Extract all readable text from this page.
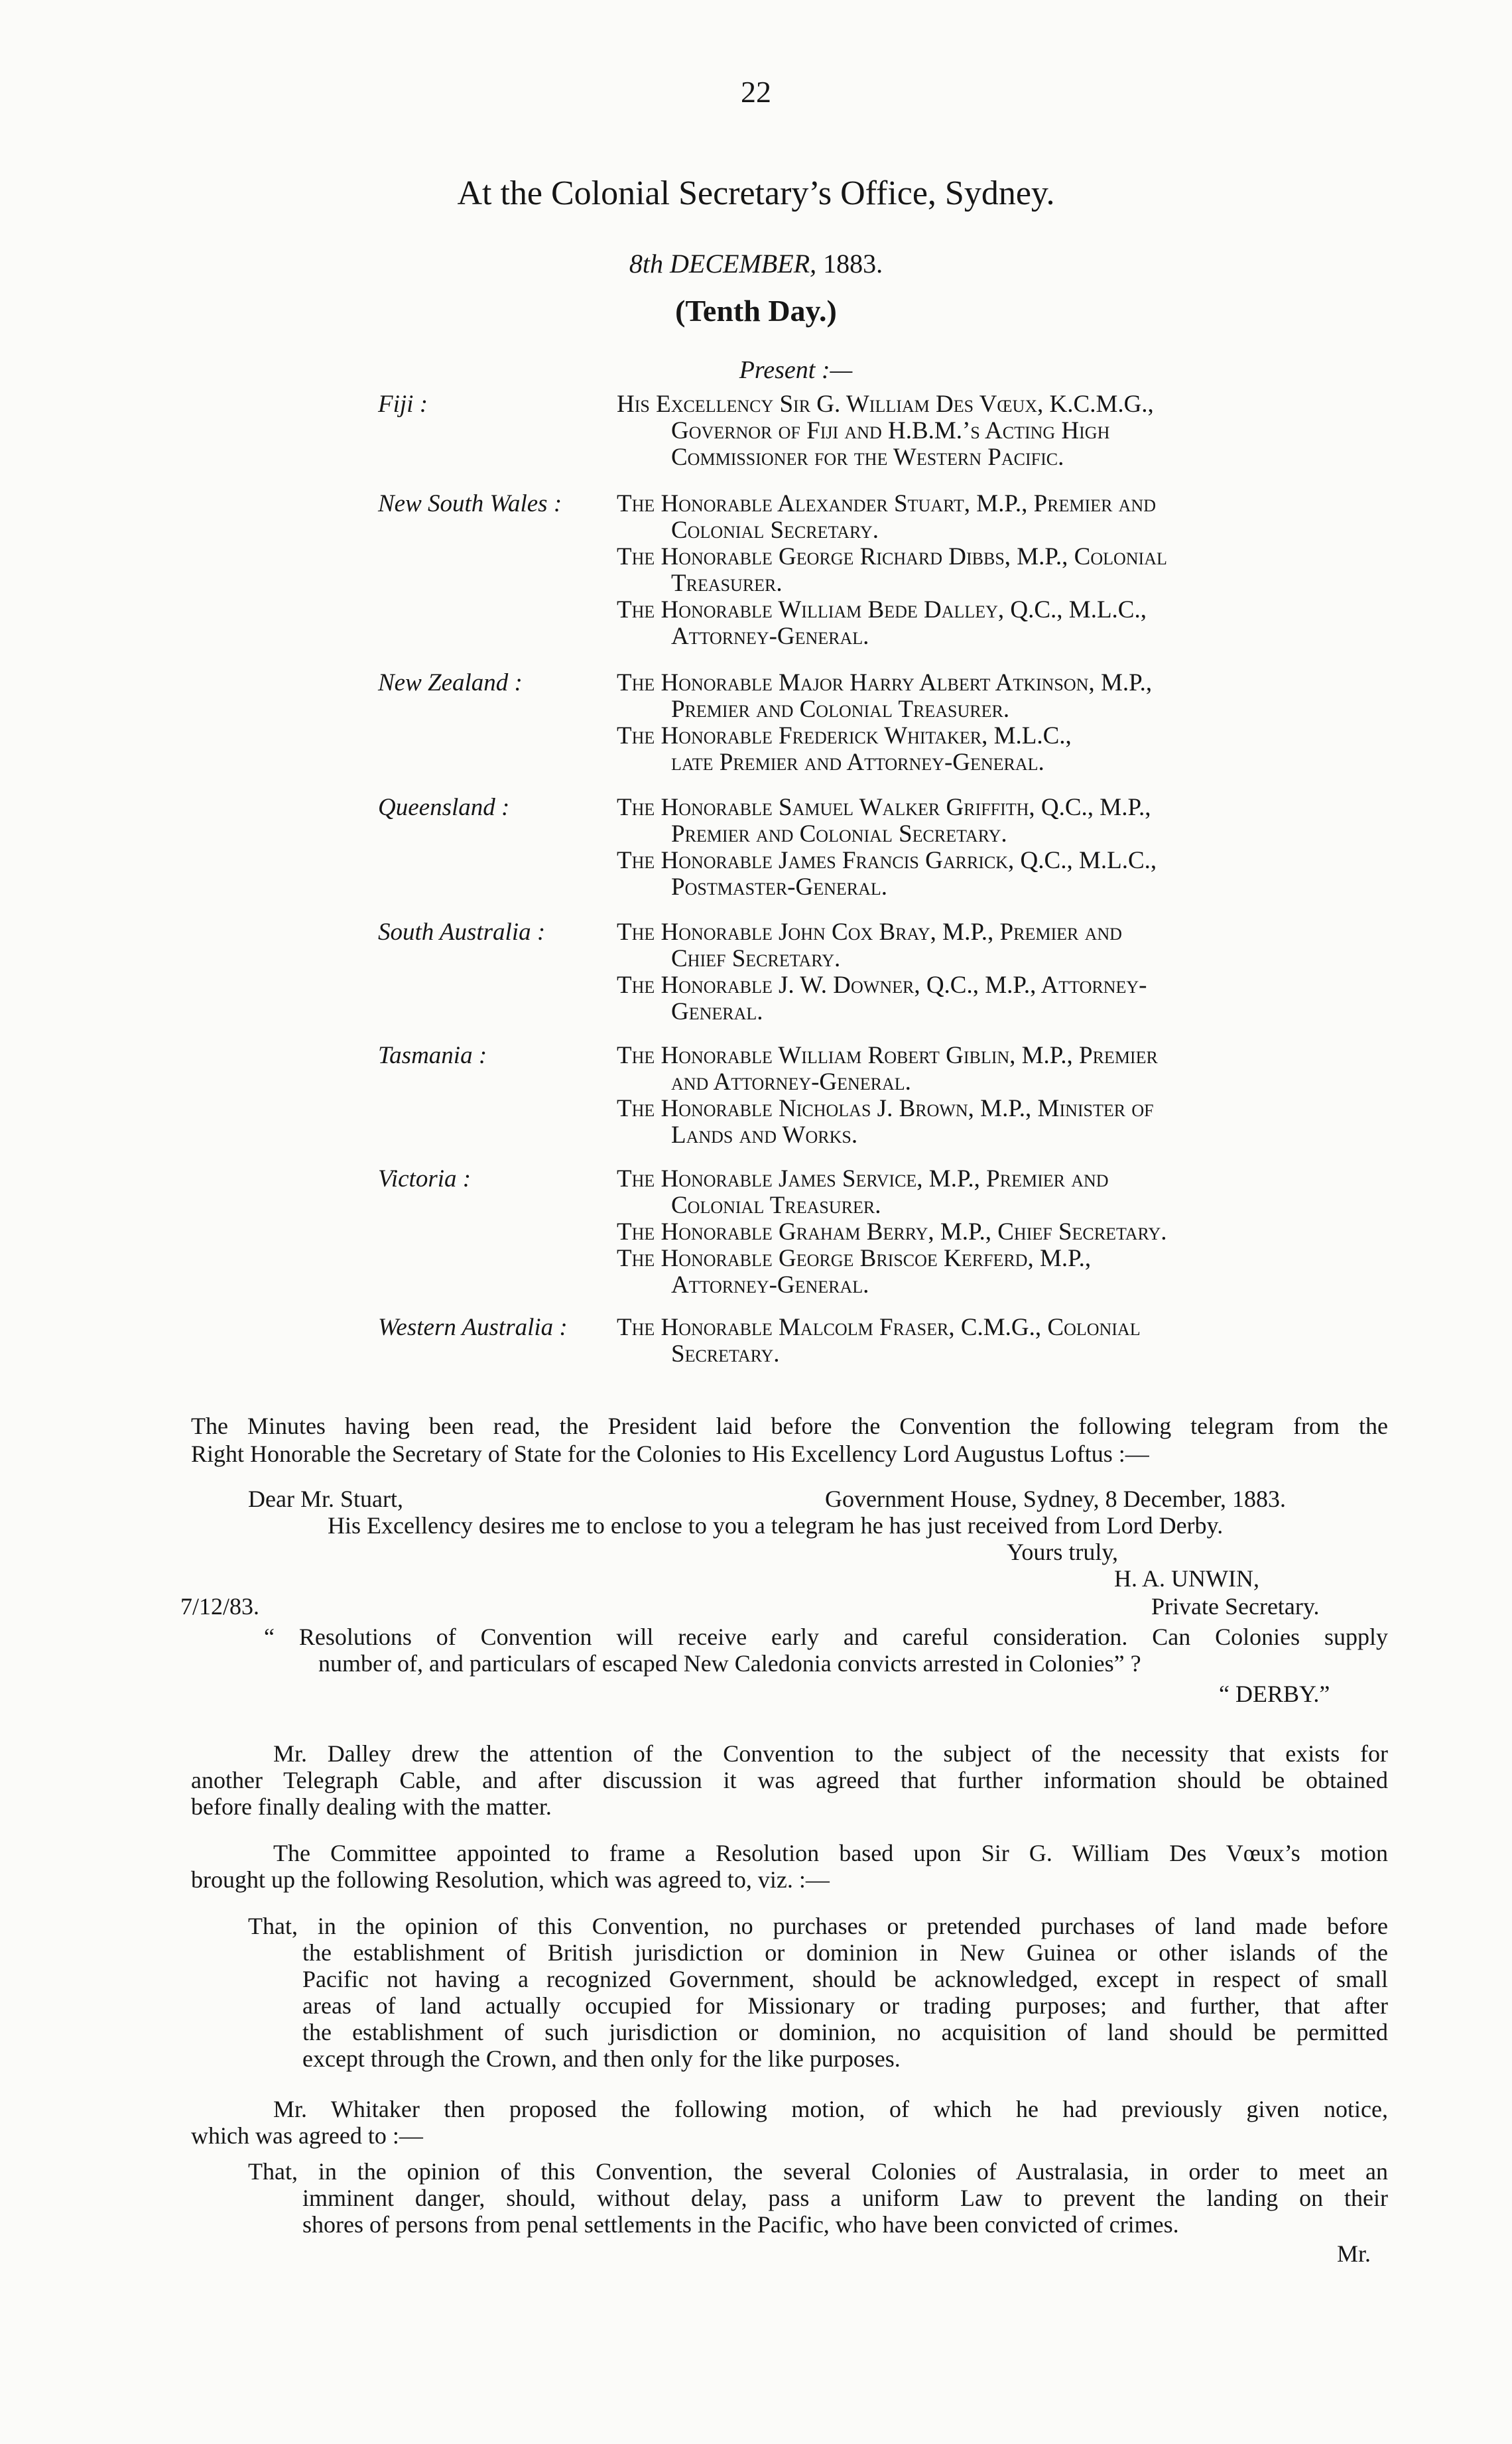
22
At the Colonial Secretary’s Office, Sydney.
8th DECEMBER, 1883.
(Tenth Day.)
Present :—
Fiji :	His Excellency Sir G. William Des Vœux, K.C.M.G.,

Governor of Fiji and H.B.M.’s Acting High

Commissioner for the Western Pacific.

New South Wales :	The Honorable Alexander Stuart, M.P., Premier and

Colonial Secretary.

The Honorable George Richard Dibbs, M.P., Colonial

Treasurer.

The Honorable William Bede Dalley, Q.C., M.L.C.,

Attorney-General.

New Zealand :	The Honorable Major Harry Albert Atkinson, M.P.,

Premier and Colonial Treasurer.

The Honorable Frederick Whitaker, M.L.C.,

late Premier and Attorney-General.

Queensland :	The Honorable Samuel Walker Griffith, Q.C., M.P.,

Premier and Colonial Secretary.

The Honorable James Francis Garrick, Q.C., M.L.C.,

Postmaster-General.

South Australia :	The Honorable John Cox Bray, M.P., Premier and

Chief Secretary.

The Honorable J. W. Downer, Q.C., M.P., Attorney-

General.

Tasmania :	The Honorable William Robert Giblin, M.P., Premier

and Attorney-General.

The Honorable Nicholas J. Brown, M.P., Minister of

Lands and Works.

Victoria :	The Honorable James Service, M.P., Premier and

Colonial Treasurer.

The Honorable Graham Berry, M.P., Chief Secretary.

The Honorable George Briscoe Kerferd, M.P.,

Attorney-General.

Western Australia :	The Honorable Malcolm Fraser, C.M.G., Colonial

Secretary.

The Minutes having been read, the President laid before the Convention the following telegram from the

Right Honorable the Secretary of State for the Colonies to His Excellency Lord Augustus Loftus :—

Dear Mr. Stuart,	Government House, Sydney, 8 December, 1883.

His Excellency desires me to enclose to you a telegram he has just received from Lord Derby.

Yours truly,

H. A. UNWIN,

7/12/83.	Private Secretary.

“ Resolutions of Convention will receive early and careful consideration. Can Colonies supply

number of, and particulars of escaped New Caledonia convicts arrested in Colonies” ?

“ DERBY.”

Mr. Dalley drew the attention of the Convention to the subject of the necessity that exists for

another Telegraph Cable, and after discussion it was agreed that further information should be obtained

before finally dealing with the matter.

The Committee appointed to frame a Resolution based upon Sir G. William Des Vœux’s motion

brought up the following Resolution, which was agreed to, viz. :—

That, in the opinion of this Convention, no purchases or pretended purchases of land made before

the establishment of British jurisdiction or dominion in New Guinea or other islands of the

Pacific not having a recognized Government, should be acknowledged, except in respect of small

areas of land actually occupied for Missionary or trading purposes; and further, that after

the establishment of such jurisdiction or dominion, no acquisition of land should be permitted

except through the Crown, and then only for the like purposes.

Mr. Whitaker then proposed the following motion, of which he had previously given notice,

which was agreed to :—

That, in the opinion of this Convention, the several Colonies of Australasia, in order to meet an

imminent danger, should, without delay, pass a uniform Law to prevent the landing on their

shores of persons from penal settlements in the Pacific, who have been convicted of crimes.

Mr.
